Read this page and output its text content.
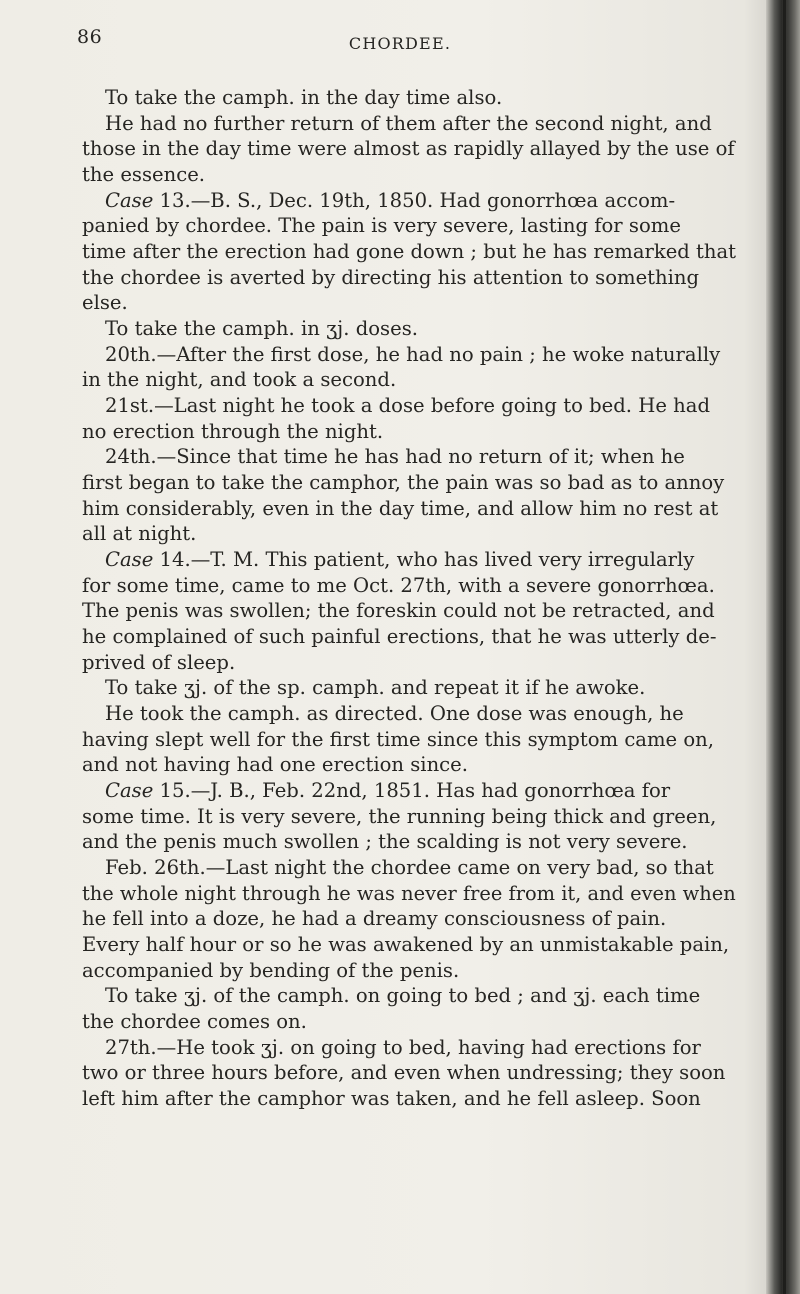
86	CHORDEE.
To take the camph. in the day time also.
He had no further return of them after the second night, and
those in the day time were almost as rapidly allayed by the use of
the essence.
Case 13.—B. S., Dec. 19th, 1850. Had gonorrhœa accom-
panied by chordee. The pain is very severe, lasting for some
time after the erection had gone down ; but he has remarked that
the chordee is averted by directing his attention to something
else.
To take the camph. in ʒj. doses.
20th.—After the first dose, he had no pain ; he woke naturally
in the night, and took a second.
21st.—Last night he took a dose before going to bed. He had
no erection through the night.
24th.—Since that time he has had no return of it; when he
first began to take the camphor, the pain was so bad as to annoy
him considerably, even in the day time, and allow him no rest at
all at night.
Case 14.—T. M. This patient, who has lived very irregularly
for some time, came to me Oct. 27th, with a severe gonorrhœa.
The penis was swollen; the foreskin could not be retracted, and
he complained of such painful erections, that he was utterly de-
prived of sleep.
To take ʒj. of the sp. camph. and repeat it if he awoke.
He took the camph. as directed. One dose was enough, he
having slept well for the first time since this symptom came on,
and not having had one erection since.
Case 15.—J. B., Feb. 22nd, 1851. Has had gonorrhœa for
some time. It is very severe, the running being thick and green,
and the penis much swollen ; the scalding is not very severe.
Feb. 26th.—Last night the chordee came on very bad, so that
the whole night through he was never free from it, and even when
he fell into a doze, he had a dreamy consciousness of pain.
Every half hour or so he was awakened by an unmistakable pain,
accompanied by bending of the penis.
To take ʒj. of the camph. on going to bed ; and ʒj. each time
the chordee comes on.
27th.—He took ʒj. on going to bed, having had erections for
two or three hours before, and even when undressing; they soon
left him after the camphor was taken, and he fell asleep. Soon
